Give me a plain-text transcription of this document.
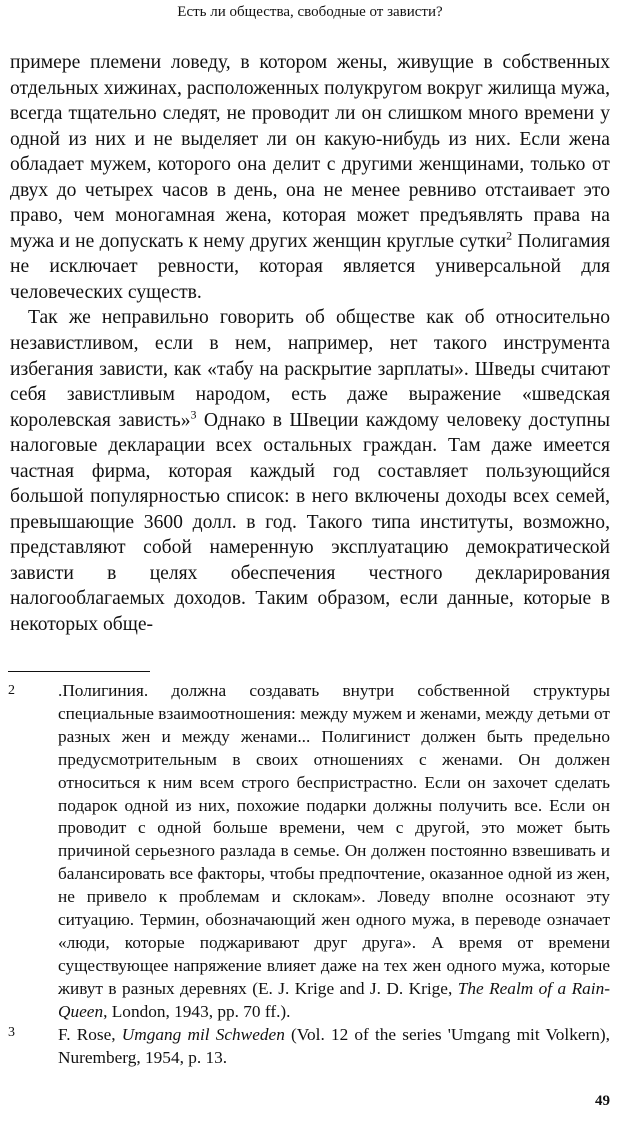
Есть ли общества, свободные от зависти?

примере племени ловеду, в котором жены, живущие в собственных отдельных хижинах, расположенных полукругом вокруг жилища мужа, всегда тщательно следят, не проводит ли он слишком много времени у одной из них и не выделяет ли он какую-нибудь из них. Если жена обладает мужем, которого она делит с другими женщинами, только от двух до четырех часов в день, она не менее ревниво отстаивает это право, чем моногамная жена, которая может предъявлять права на мужа и не допускать к нему других женщин круглые сутки$^2$ Полигамия не исключает ревности, которая является универсальной для человеческих существ.

Так же неправильно говорить об обществе как об относительно независтливом, если в нем, например, нет такого инструмента избегания зависти, как «табу на раскрытие зарплаты». Шведы считают себя завистливым народом, есть даже выражение «шведская королевская зависть»$^3$ Однако в Швеции каждому человеку доступны налоговые декларации всех остальных граждан. Там даже имеется частная фирма, которая каждый год составляет пользующийся большой популярностью список: в него включены доходы всех семей, превышающие 3600 долл. в год. Такого типа институты, возможно, представляют собой намеренную эксплуатацию демократической зависти в целях обеспечения честного декларирования налогооблагаемых доходов. Таким образом, если данные, которые в некоторых обще-

2 .Полигиния. должна создавать внутри собственной структуры специальные взаимоотношения: между мужем и женами, между детьми от разных жен и между женами... Полигинист должен быть предельно предусмотрительным в своих отношениях с женами. Он должен относиться к ним всем строго беспристрастно. Если он захочет сделать подарок одной из них, похожие подарки должны получить все. Если он проводит с одной больше времени, чем с другой, это может быть причиной серьезного разлада в семье. Он должен постоянно взвешивать и балансировать все факторы, чтобы предпочтение, оказанное одной из жен, не привело к проблемам и склокам». Ловеду вполне осознают эту ситуацию. Термин, обозначающий жен одного мужа, в переводе означает «люди, которые поджаривают друг друга». А время от времени существующее напряжение влияет даже на тех жен одного мужа, которые живут в разных деревнях (E. J. Krige and J. D. Krige, The Realm of a Rain-Queen, London, 1943, pp. 70 ff.).

3 F. Rose, Umgang mil Schweden (Vol. 12 of the series 'Umgang mit Volkern), Nuremberg, 1954, p. 13.

49
